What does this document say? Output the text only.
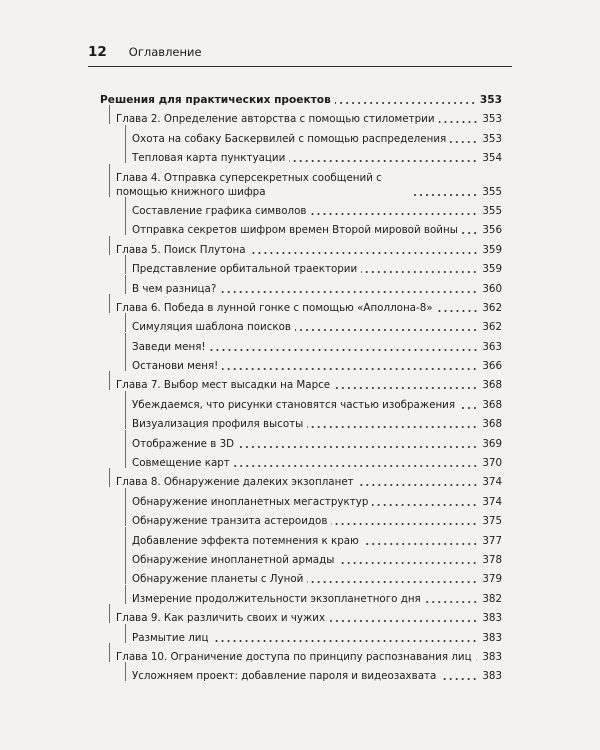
12 Оглавление
Решения для практических проектов	353
Глава 2. Определение авторства с помощью стилометрии	353
Охота на собаку Баскервилей с помощью распределения	353
Тепловая карта пунктуации	354
Глава 4. Отправка суперсекретных сообщений с помощью книжного шифра	355
Составление графика символов	355
Отправка секретов шифром времен Второй мировой войны 356
Глава 5. Поиск Плутона	359
Представление орбитальной траектории	359
В чем разница?	360
Глава 6. Победа в лунной гонке с помощью «Аполлона-8»	362
Симуляция шаблона поисков	362
Заведи меня!	363
Останови меня!	366
Глава 7. Выбор мест высадки на Марсе	368
Убеждаемся, что рисунки становятся частью изображения	368
Визуализация профиля высоты	368
Отображение в 3D	369
Совмещение карт	370
Глава 8. Обнаружение далеких экзопланет	374
Обнаружение инопланетных мегаструктур	374
Обнаружение транзита астероидов	375
Добавление эффекта потемнения к краю	377
Обнаружение инопланетной армады	378
Обнаружение планеты с Луной	379
Измерение продолжительности экзопланетного дня	382
Глава 9. Как различить своих и чужих	383
Размытие лиц	383
Глава 10. Ограничение доступа по принципу распознавания лиц 383
Усложняем проект: добавление пароля и видеозахвата	383
